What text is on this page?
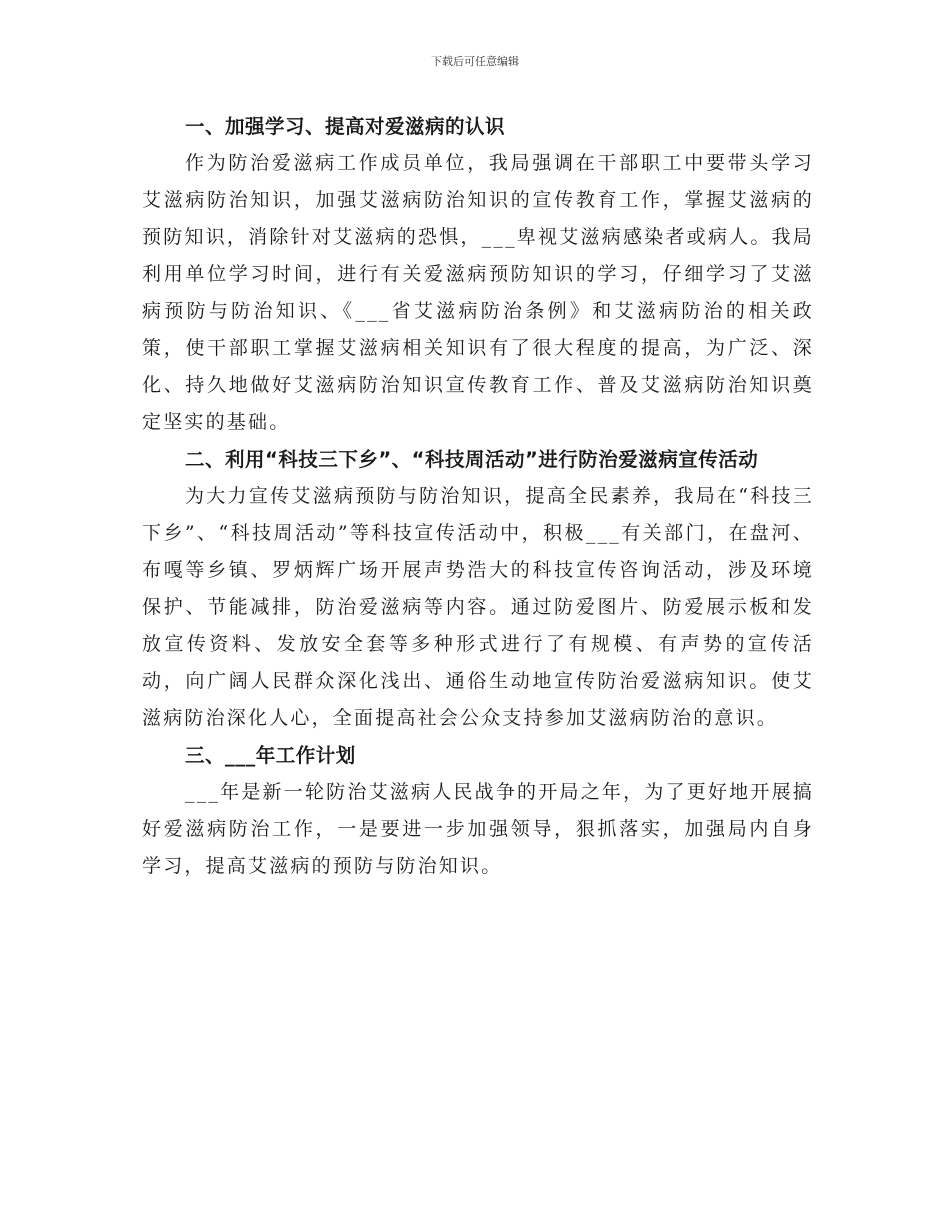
下载后可任意编辑
一、加强学习、提高对爱滋病的认识

作为防治爱滋病工作成员单位，我局强调在干部职工中要带头学习艾滋病防治知识，加强艾滋病防治知识的宣传教育工作，掌握艾滋病的预防知识，消除针对艾滋病的恐惧，___卑视艾滋病感染者或病人。我局利用单位学习时间，进行有关爱滋病预防知识的学习，仔细学习了艾滋病预防与防治知识、《___省艾滋病防治条例》和艾滋病防治的相关政策，使干部职工掌握艾滋病相关知识有了很大程度的提高，为广泛、深化、持久地做好艾滋病防治知识宣传教育工作、普及艾滋病防治知识奠定坚实的基础。

二、利用“科技三下乡”、“科技周活动”进行防治爱滋病宣传活动

为大力宣传艾滋病预防与防治知识，提高全民素养，我局在“科技三下乡”、“科技周活动”等科技宣传活动中，积极___有关部门，在盘河、布嘎等乡镇、罗炳辉广场开展声势浩大的科技宣传咨询活动，涉及环境保护、节能减排，防治爱滋病等内容。通过防爱图片、防爱展示板和发放宣传资料、发放安全套等多种形式进行了有规模、有声势的宣传活动，向广阔人民群众深化浅出、通俗生动地宣传防治爱滋病知识。使艾滋病防治深化人心，全面提高社会公众支持参加艾滋病防治的意识。

三、___年工作计划

___年是新一轮防治艾滋病人民战争的开局之年，为了更好地开展搞好爱滋病防治工作，一是要进一步加强领导，狠抓落实，加强局内自身学习，提高艾滋病的预防与防治知识。
